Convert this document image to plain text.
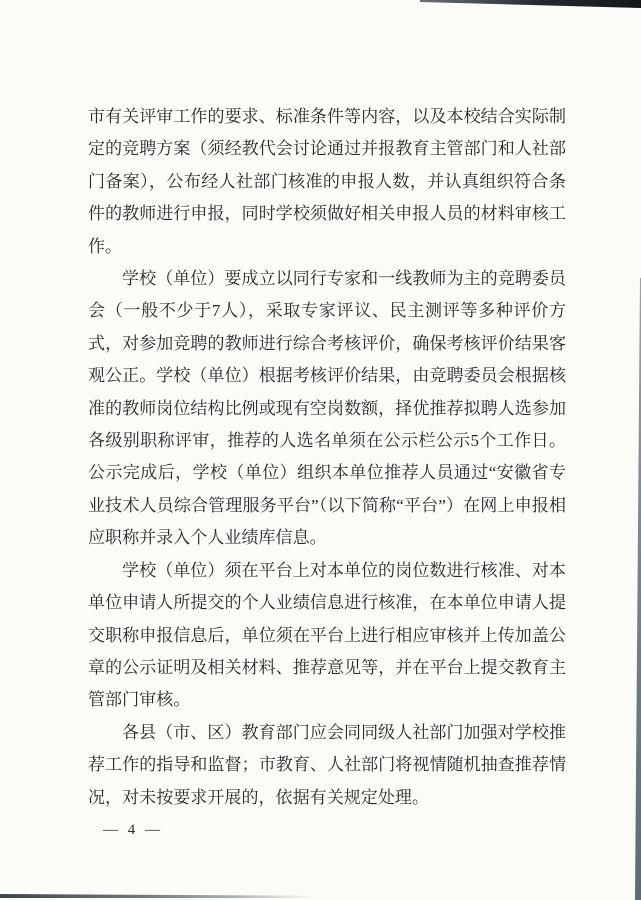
市有关评审工作的要求、标准条件等内容，以及本校结合实际制定的竞聘方案（须经教代会讨论通过并报教育主管部门和人社部门备案），公布经人社部门核准的申报人数，并认真组织符合条件的教师进行申报，同时学校须做好相关申报人员的材料审核工作。

学校（单位）要成立以同行专家和一线教师为主的竞聘委员会（一般不少于7人），采取专家评议、民主测评等多种评价方式，对参加竞聘的教师进行综合考核评价，确保考核评价结果客观公正。学校（单位）根据考核评价结果，由竞聘委员会根据核准的教师岗位结构比例或现有空岗数额，择优推荐拟聘人选参加各级别职称评审，推荐的人选名单须在公示栏公示5个工作日。公示完成后，学校（单位）组织本单位推荐人员通过“安徽省专业技术人员综合管理服务平台”（以下简称“平台”）在网上申报相应职称并录入个人业绩库信息。

学校（单位）须在平台上对本单位的岗位数进行核准、对本单位申请人所提交的个人业绩信息进行核准，在本单位申请人提交职称申报信息后，单位须在平台上进行相应审核并上传加盖公章的公示证明及相关材料、推荐意见等，并在平台上提交教育主管部门审核。

各县（市、区）教育部门应会同同级人社部门加强对学校推荐工作的指导和监督；市教育、人社部门将视情随机抽查推荐情况，对未按要求开展的，依据有关规定处理。

— 4 —
